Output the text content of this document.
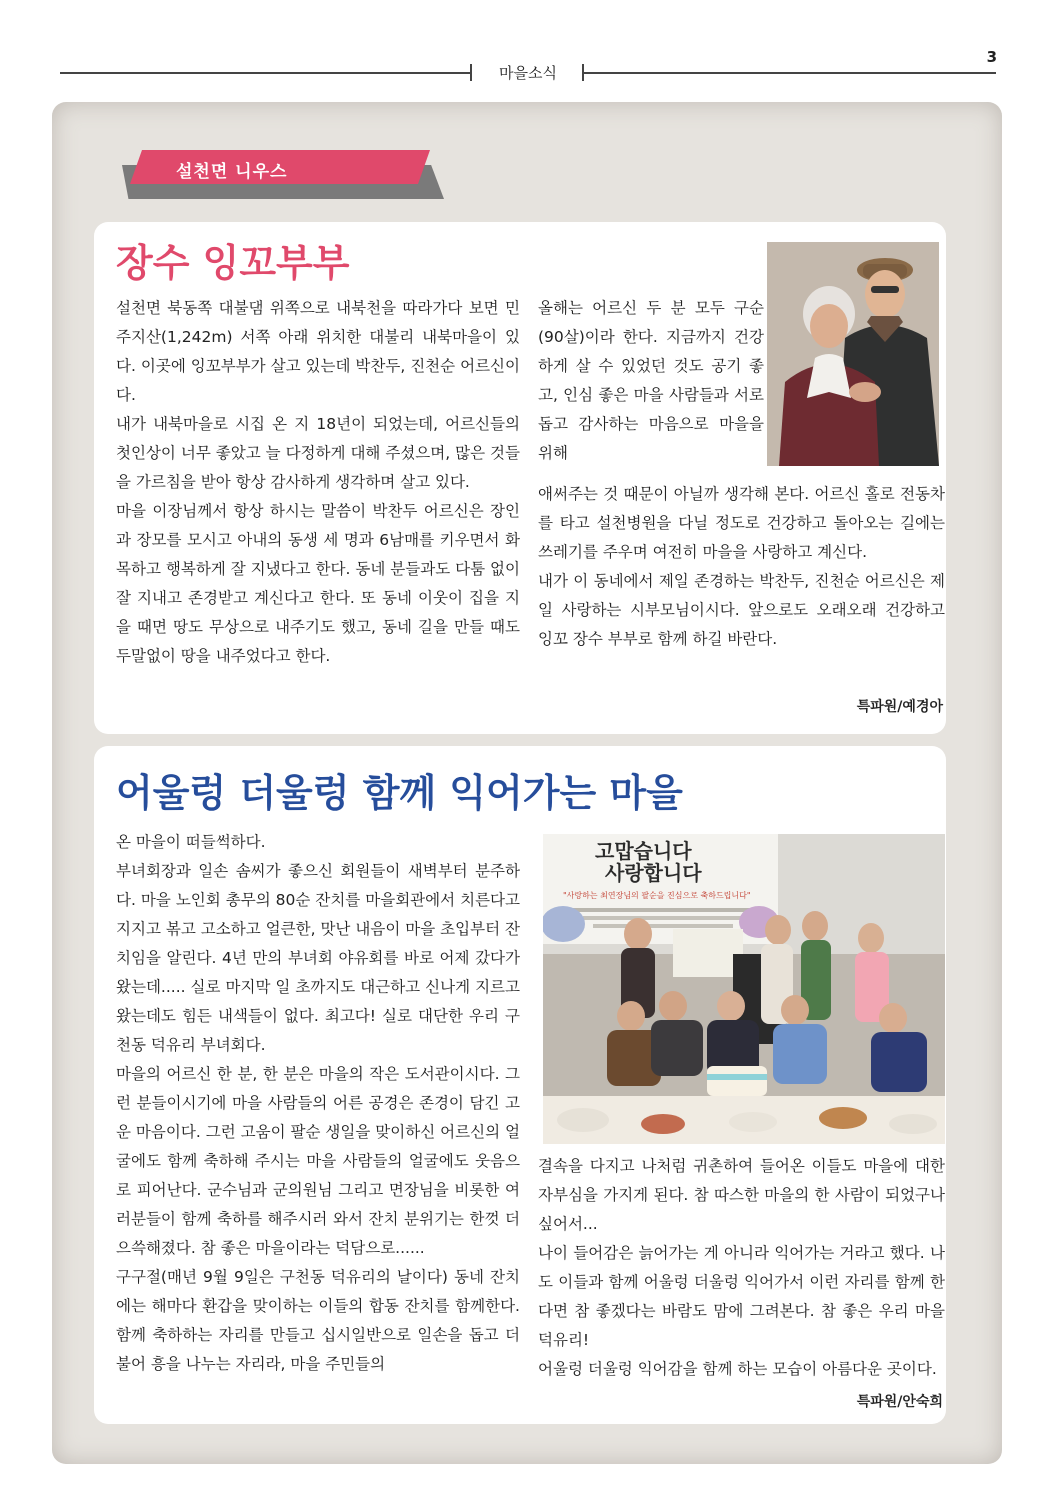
3
마을소식
설천면 니우스
장수 잉꼬부부

설천면 북동쪽 대불댐 위쪽으로 내북천을 따라가다 보면 민주지산(1,242m) 서쪽 아래 위치한 대불리 내북마을이 있다. 이곳에 잉꼬부부가 살고 있는데 박찬두, 진천순 어르신이다.
내가 내북마을로 시집 온 지 18년이 되었는데, 어르신들의 첫인상이 너무 좋았고 늘 다정하게 대해 주셨으며, 많은 것들을 가르침을 받아 항상 감사하게 생각하며 살고 있다.
마을 이장님께서 항상 하시는 말씀이 박찬두 어르신은 장인과 장모를 모시고 아내의 동생 세 명과 6남매를 키우면서 화목하고 행복하게 잘 지냈다고 한다. 동네 분들과도 다툼 없이 잘 지내고 존경받고 계신다고 한다. 또 동네 이웃이 집을 지을 때면 땅도 무상으로 내주기도 했고, 동네 길을 만들 때도 두말없이 땅을 내주었다고 한다.

올해는 어르신 두 분 모두 구순(90살)이라 한다. 지금까지 건강하게 살 수 있었던 것도 공기 좋고, 인심 좋은 마을 사람들과 서로 돕고 감사하는 마음으로 마을을 위해

애써주는 것 때문이 아닐까 생각해 본다. 어르신 홀로 전동차를 타고 설천병원을 다닐 정도로 건강하고 돌아오는 길에는 쓰레기를 주우며 여전히 마을을 사랑하고 계신다.
내가 이 동네에서 제일 존경하는 박찬두, 진천순 어르신은 제일 사랑하는 시부모님이시다. 앞으로도 오래오래 건강하고 잉꼬 장수 부부로 함께 하길 바란다.

특파원/예경아
어울렁 더울렁 함께 익어가는 마을

온 마을이 떠들썩하다.
부녀회장과 일손 솜씨가 좋으신 회원들이 새벽부터 분주하다. 마을 노인회 총무의 80순 잔치를 마을회관에서 치른다고 지지고 볶고 고소하고 얼큰한, 맛난 내음이 마을 초입부터 잔치임을 알린다. 4년 만의 부녀회 야유회를 바로 어제 갔다가 왔는데..... 실로 마지막 일 초까지도 대근하고 신나게 지르고 왔는데도 힘든 내색들이 없다. 최고다! 실로 대단한 우리 구천동 덕유리 부녀회다.
마을의 어르신 한 분, 한 분은 마을의 작은 도서관이시다. 그런 분들이시기에 마을 사람들의 어른 공경은 존경이 담긴 고운 마음이다. 그런 고움이 팔순 생일을 맞이하신 어르신의 얼굴에도 함께 축하해 주시는 마을 사람들의 얼굴에도 웃음으로 피어난다. 군수님과 군의원님 그리고 면장님을 비롯한 여러분들이 함께 축하를 해주시러 와서 잔치 분위기는 한껏 더 으쓱해졌다. 참 좋은 마을이라는 덕담으로......
구구절(매년 9월 9일은 구천동 덕유리의 날이다) 동네 잔치에는 해마다 환갑을 맞이하는 이들의 합동 잔치를 함께한다. 함께 축하하는 자리를 만들고 십시일반으로 일손을 돕고 더불어 흥을 나누는 자리라, 마을 주민들의

결속을 다지고 나처럼 귀촌하여 들어온 이들도 마을에 대한 자부심을 가지게 된다. 참 따스한 마을의 한 사람이 되었구나 싶어서...
나이 들어감은 늙어가는 게 아니라 익어가는 거라고 했다. 나도 이들과 함께 어울렁 더울렁 익어가서 이런 자리를 함께 한다면 참 좋겠다는 바람도 맘에 그려본다. 참 좋은 우리 마을 덕유리!
어울렁 더울렁 익어감을 함께 하는 모습이 아름다운 곳이다.

특파원/안숙희
고맙습니다
사랑합니다
"사랑하는 최연장님의 팔순을 진심으로 축하드립니다"
